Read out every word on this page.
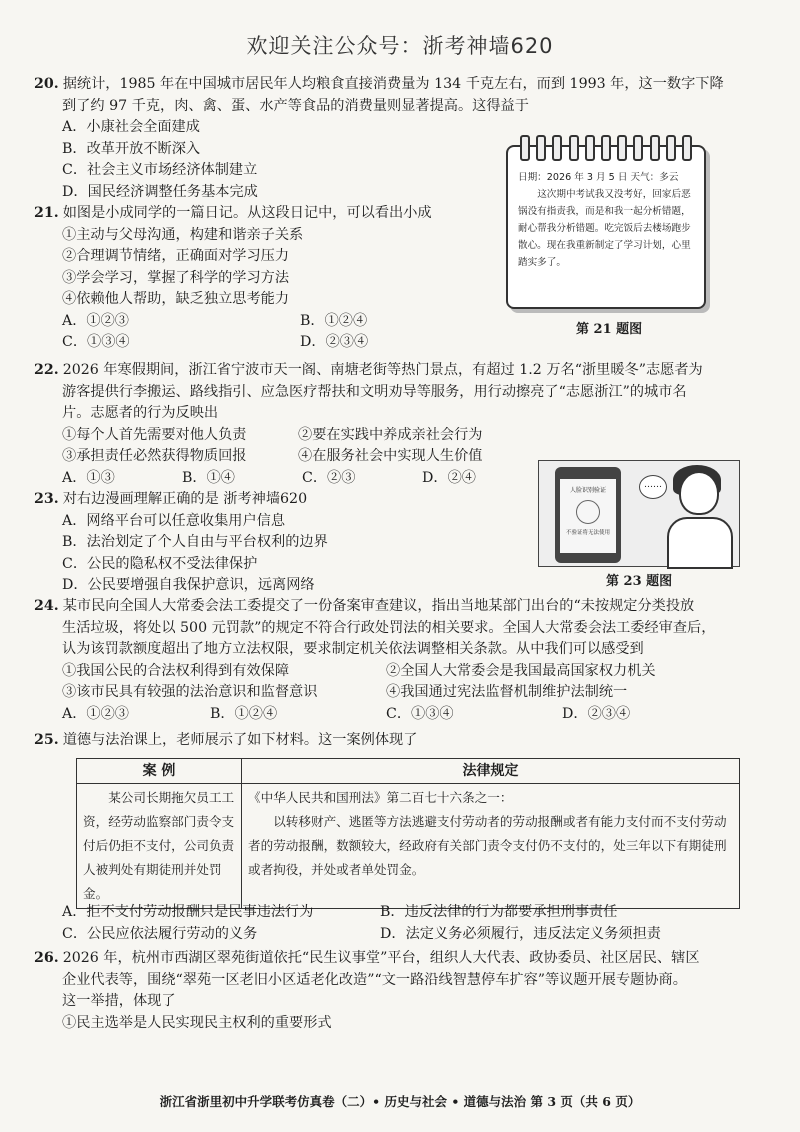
欢迎关注公众号：浙考神墙620
20. 据统计，1985 年在中国城市居民年人均粮食直接消费量为 134 千克左右，而到 1993 年，这一数字下降
到了约 97 千克，肉、禽、蛋、水产等食品的消费量则显著提高。这得益于
A．小康社会全面建成
B．改革开放不断深入
C．社会主义市场经济体制建立
D．国民经济调整任务基本完成
日期：2026 年 3 月 5 日 天气：多云
这次期中考试我又没考好，回家后恶锅没有指责我，而是和我一起分析错题，耐心帮我分析错题。吃完饭后去楼场跑步散心。现在我重新制定了学习计划，心里踏实多了。
第 21 题图
21. 如图是小成同学的一篇日记。从这段日记中，可以看出小成
①主动与父母沟通，构建和谐亲子关系
②合理调节情绪，正确面对学习压力
③学会学习，掌握了科学的学习方法
④依赖他人帮助，缺乏独立思考能力
A．①②③	B．①②④
C．①③④	D．②③④
22. 2026 年寒假期间，浙江省宁波市天一阁、南塘老街等热门景点，有超过 1.2 万名“浙里暖冬”志愿者为
游客提供行李搬运、路线指引、应急医疗帮扶和文明劝导等服务，用行动擦亮了“志愿浙江”的城市名
片。志愿者的行为反映出
①每个人首先需要对他人负责	②要在实践中养成亲社会行为
③承担责任必然获得物质回报	④在服务社会中实现人生价值
A．①③	B．①④	C．②③	D．②④
人脸识别验证
不验证将无法使用
……
第 23 题图
23. 对右边漫画理解正确的是 浙考神墙620
A．网络平台可以任意收集用户信息
B．法治划定了个人自由与平台权利的边界
C．公民的隐私权不受法律保护
D．公民要增强自我保护意识，远离网络
24. 某市民向全国人大常委会法工委提交了一份备案审查建议，指出当地某部门出台的“未按规定分类投放
生活垃圾，将处以 500 元罚款”的规定不符合行政处罚法的相关要求。全国人大常委会法工委经审查后，
认为该罚款额度超出了地方立法权限，要求制定机关依法调整相关条款。从中我们可以感受到
①我国公民的合法权利得到有效保障	②全国人大常委会是我国最高国家权力机关
③该市民具有较强的法治意识和监督意识	④我国通过宪法监督机制维护法制统一
A．①②③	B．①②④	C．①③④	D．②③④
25. 道德与法治课上，老师展示了如下材料。这一案例体现了
案 例	法律规定
某公司长期拖欠员工工资，经劳动监察部门责令支付后仍拒不支付，公司负责人被判处有期徒刑并处罚金。	《中华人民共和国刑法》第二百七十六条之一：
以转移财产、逃匿等方法逃避支付劳动者的劳动报酬或者有能力支付而不支付劳动者的劳动报酬，数额较大，经政府有关部门责令支付仍不支付的，处三年以下有期徒刑或者拘役，并处或者单处罚金。
A．拒不支付劳动报酬只是民事违法行为	B．违反法律的行为都要承担刑事责任
C．公民应依法履行劳动的义务	D．法定义务必须履行，违反法定义务须担责
26. 2026 年，杭州市西湖区翠苑街道依托“民生议事堂”平台，组织人大代表、政协委员、社区居民、辖区
企业代表等，围绕“翠苑一区老旧小区适老化改造”“文一路沿线智慧停车扩容”等议题开展专题协商。
这一举措，体现了
①民主选举是人民实现民主权利的重要形式
浙江省浙里初中升学联考仿真卷（二）• 历史与社会 • 道德与法治 第 3 页（共 6 页）
